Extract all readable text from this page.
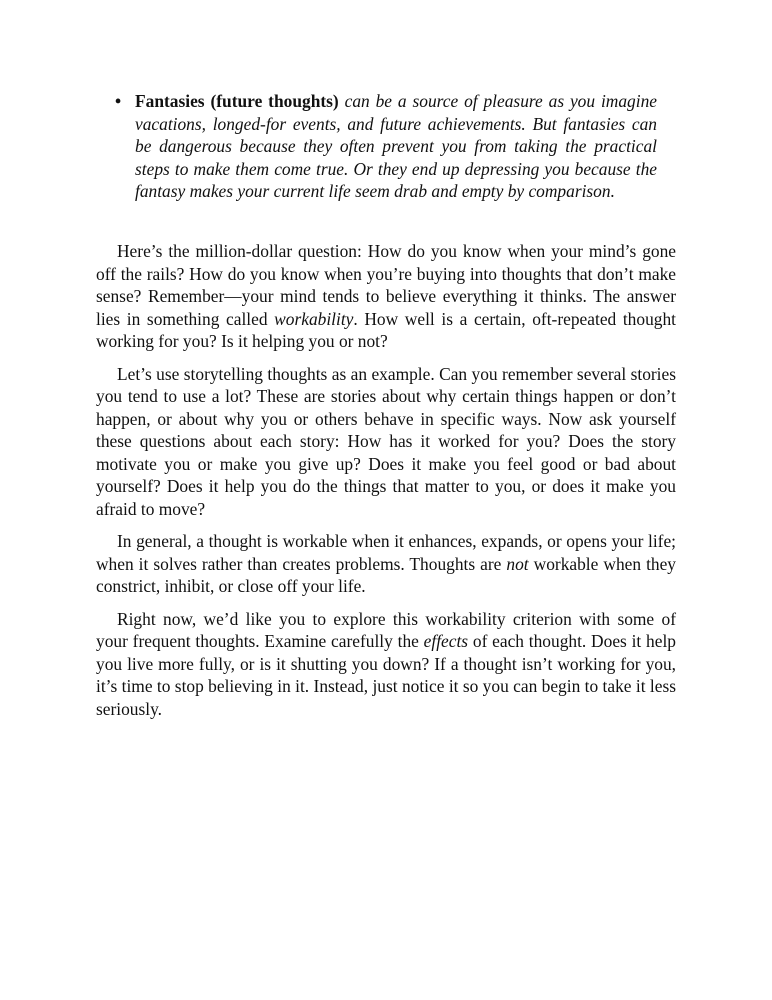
• Fantasies (future thoughts) can be a source of pleasure as you imagine vacations, longed-for events, and future achievements. But fantasies can be dangerous because they often prevent you from taking the practical steps to make them come true. Or they end up depressing you because the fantasy makes your current life seem drab and empty by comparison.

Here’s the million-dollar question: How do you know when your mind’s gone off the rails? How do you know when you’re buying into thoughts that don’t make sense? Remember—your mind tends to believe everything it thinks. The answer lies in something called workability. How well is a certain, oft-repeated thought working for you? Is it helping you or not?

Let’s use storytelling thoughts as an example. Can you remember several stories you tend to use a lot? These are stories about why certain things happen or don’t happen, or about why you or others behave in specific ways. Now ask yourself these questions about each story: How has it worked for you? Does the story motivate you or make you give up? Does it make you feel good or bad about yourself? Does it help you do the things that matter to you, or does it make you afraid to move?

In general, a thought is workable when it enhances, expands, or opens your life; when it solves rather than creates problems. Thoughts are not workable when they constrict, inhibit, or close off your life.

Right now, we’d like you to explore this workability criterion with some of your frequent thoughts. Examine carefully the effects of each thought. Does it help you live more fully, or is it shutting you down? If a thought isn’t working for you, it’s time to stop believing in it. Instead, just notice it so you can begin to take it less seriously.
